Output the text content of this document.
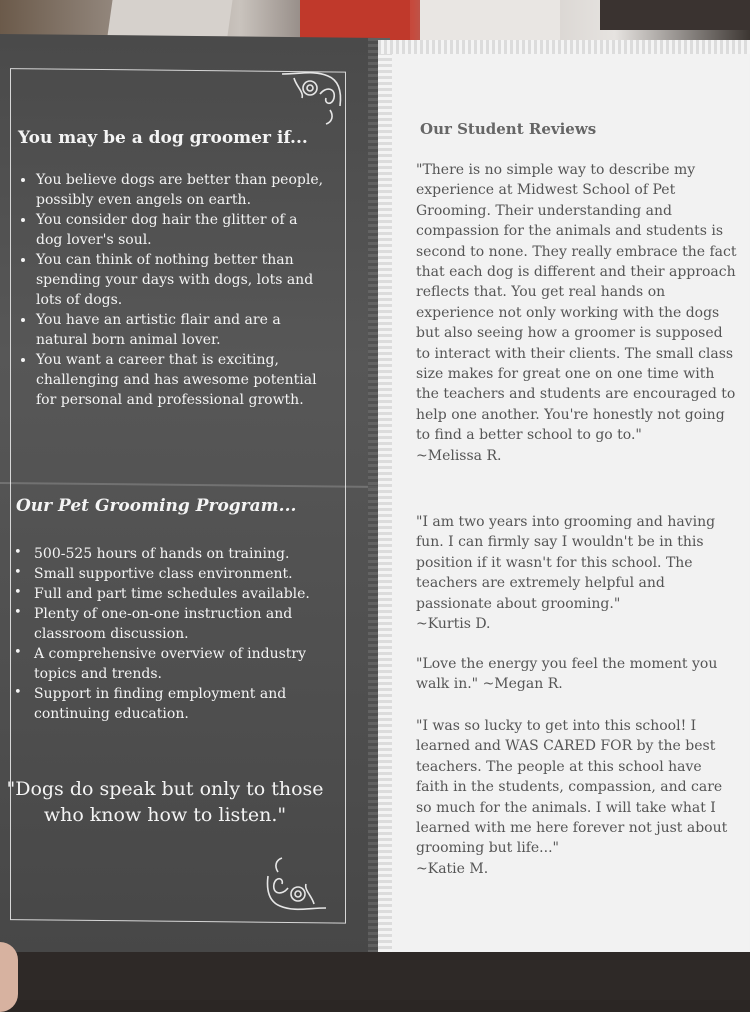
You may be a dog groomer if...
• You believe dogs are better than people, possibly even angels on earth.
• You consider dog hair the glitter of a dog lover's soul.
• You can think of nothing better than spending your days with dogs, lots and lots of dogs.
• You have an artistic flair and are a natural born animal lover.
• You want a career that is exciting, challenging and has awesome potential for personal and professional growth.
Our Pet Grooming Program...
• 500-525 hours of hands on training.
• Small supportive class environment.
• Full and part time schedules available.
• Plenty of one-on-one instruction and classroom discussion.
• A comprehensive overview of industry topics and trends.
• Support in finding employment and continuing education.

"Dogs do speak but only to those who know how to listen."

Our Student Reviews

"There is no simple way to describe my experience at Midwest School of Pet Grooming. Their understanding and compassion for the animals and students is second to none. They really embrace the fact that each dog is different and their approach reflects that. You get real hands on experience not only working with the dogs but also seeing how a groomer is supposed to interact with their clients. The small class size makes for great one on one time with the teachers and students are encouraged to help one another. You're honestly not going to find a better school to go to."
~Melissa R.

"I am two years into grooming and having fun. I can firmly say I wouldn't be in this position if it wasn't for this school. The teachers are extremely helpful and passionate about grooming."
~Kurtis D.

"Love the energy you feel the moment you walk in." ~Megan R.

"I was so lucky to get into this school! I learned and WAS CARED FOR by the best teachers. The people at this school have faith in the students, compassion, and care so much for the animals. I will take what I learned with me here forever not just about grooming but life..."
~Katie M.
